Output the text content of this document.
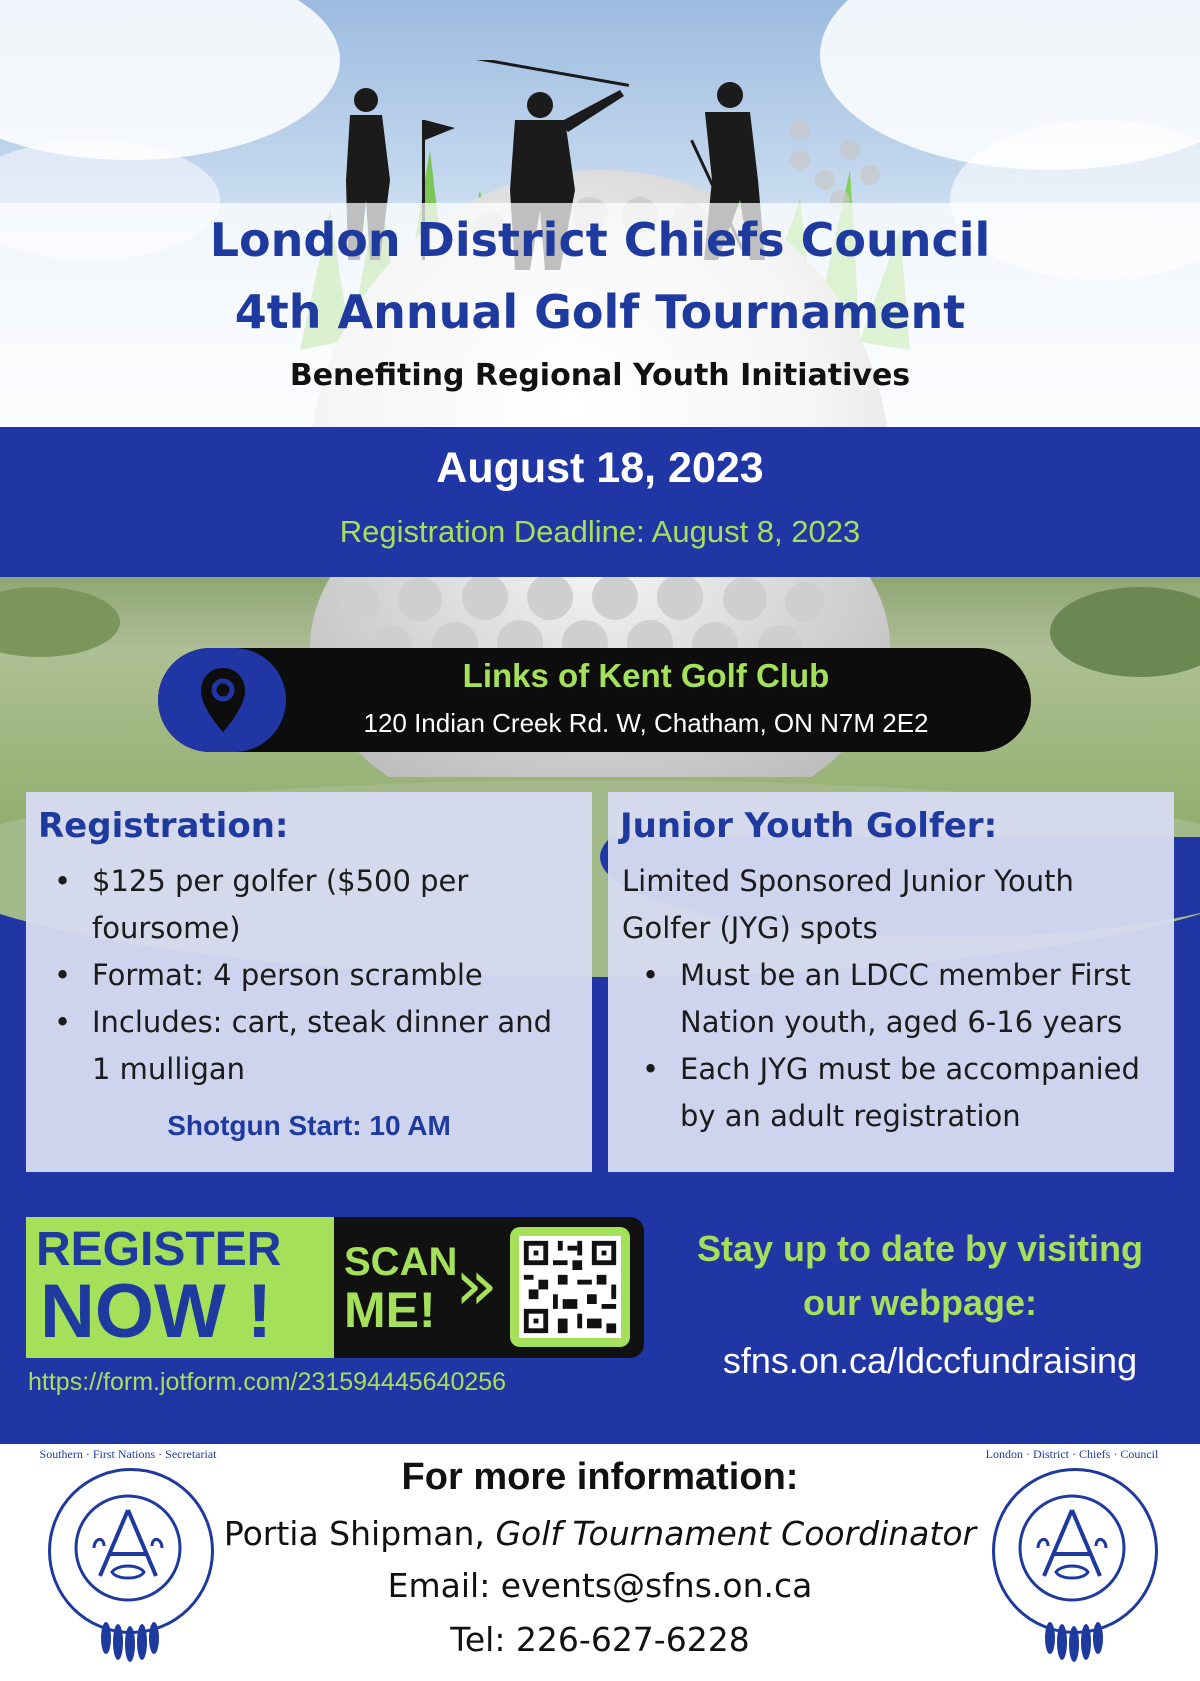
London District Chiefs Council
4th Annual Golf Tournament
Benefiting Regional Youth Initiatives
August 18, 2023
Registration Deadline: August 8, 2023
Links of Kent Golf Club
120 Indian Creek Rd. W, Chatham, ON N7M 2E2
Registration:
• $125 per golfer ($500 per foursome)
• Format: 4 person scramble
• Includes: cart, steak dinner and 1 mulligan
Shotgun Start: 10 AM
Junior Youth Golfer:
Limited Sponsored Junior Youth Golfer (JYG) spots
• Must be an LDCC member First Nation youth, aged 6-16 years
• Each JYG must be accompanied by an adult registration
REGISTER
NOW !
SCAN
ME! »
https://form.jotform.com/231594445640256
Stay up to date by visiting
our webpage:
sfns.on.ca/ldccfundraising
Southern · First Nations · Secretariat	London · District · Chiefs · Council
For more information:
Portia Shipman, Golf Tournament Coordinator
Email: events@sfns.on.ca
Tel: 226-627-6228
